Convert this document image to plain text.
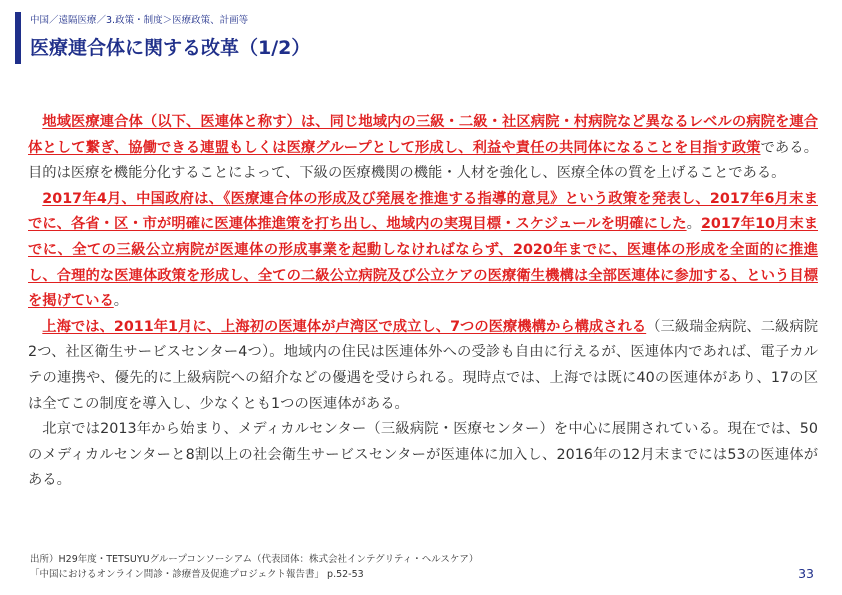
中国／遠隔医療／3.政策・制度＞医療政策、計画等
医療連合体に関する改革（1/2）

地域医療連合体（以下、医連体と称す）は、同じ地域内の三級・二級・社区病院・村病院など異なるレベルの病院を連合体として繋ぎ、協働できる連盟もしくは医療グループとして形成し、利益や責任の共同体になることを目指す政策である。目的は医療を機能分化することによって、下級の医療機関の機能・人材を強化し、医療全体の質を上げることである。

2017年4月、中国政府は、《医療連合体の形成及び発展を推進する指導的意見》という政策を発表し、2017年6月末までに、各省・区・市が明確に医連体推進策を打ち出し、地域内の実現目標・スケジュールを明確にした。2017年10月末までに、全ての三級公立病院が医連体の形成事業を起動しなければならず、2020年までに、医連体の形成を全面的に推進し、合理的な医連体政策を形成し、全ての二級公立病院及び公立ケアの医療衛生機構は全部医連体に参加する、という目標を掲げている。

上海では、2011年1月に、上海初の医連体が卢湾区で成立し、7つの医療機構から構成される（三級瑞金病院、二級病院2つ、社区衛生サービスセンター4つ）。地域内の住民は医連体外への受診も自由に行えるが、医連体内であれば、電子カルテの連携や、優先的に上級病院への紹介などの優遇を受けられる。現時点では、上海では既に40の医連体があり、17の区は全てこの制度を導入し、少なくとも1つの医連体がある。

北京では2013年から始まり、メディカルセンター（三級病院・医療センター）を中心に展開されている。現在では、50のメディカルセンターと8割以上の社会衛生サービスセンターが医連体に加入し、2016年の12月末までには53の医連体がある。

出所）H29年度・TETSUYUグループコンソーシアム（代表団体：株式会社インテグリティ・ヘルスケア）
「中国におけるオンライン問診・診療普及促進プロジェクト報告書」 p.52-53	33
